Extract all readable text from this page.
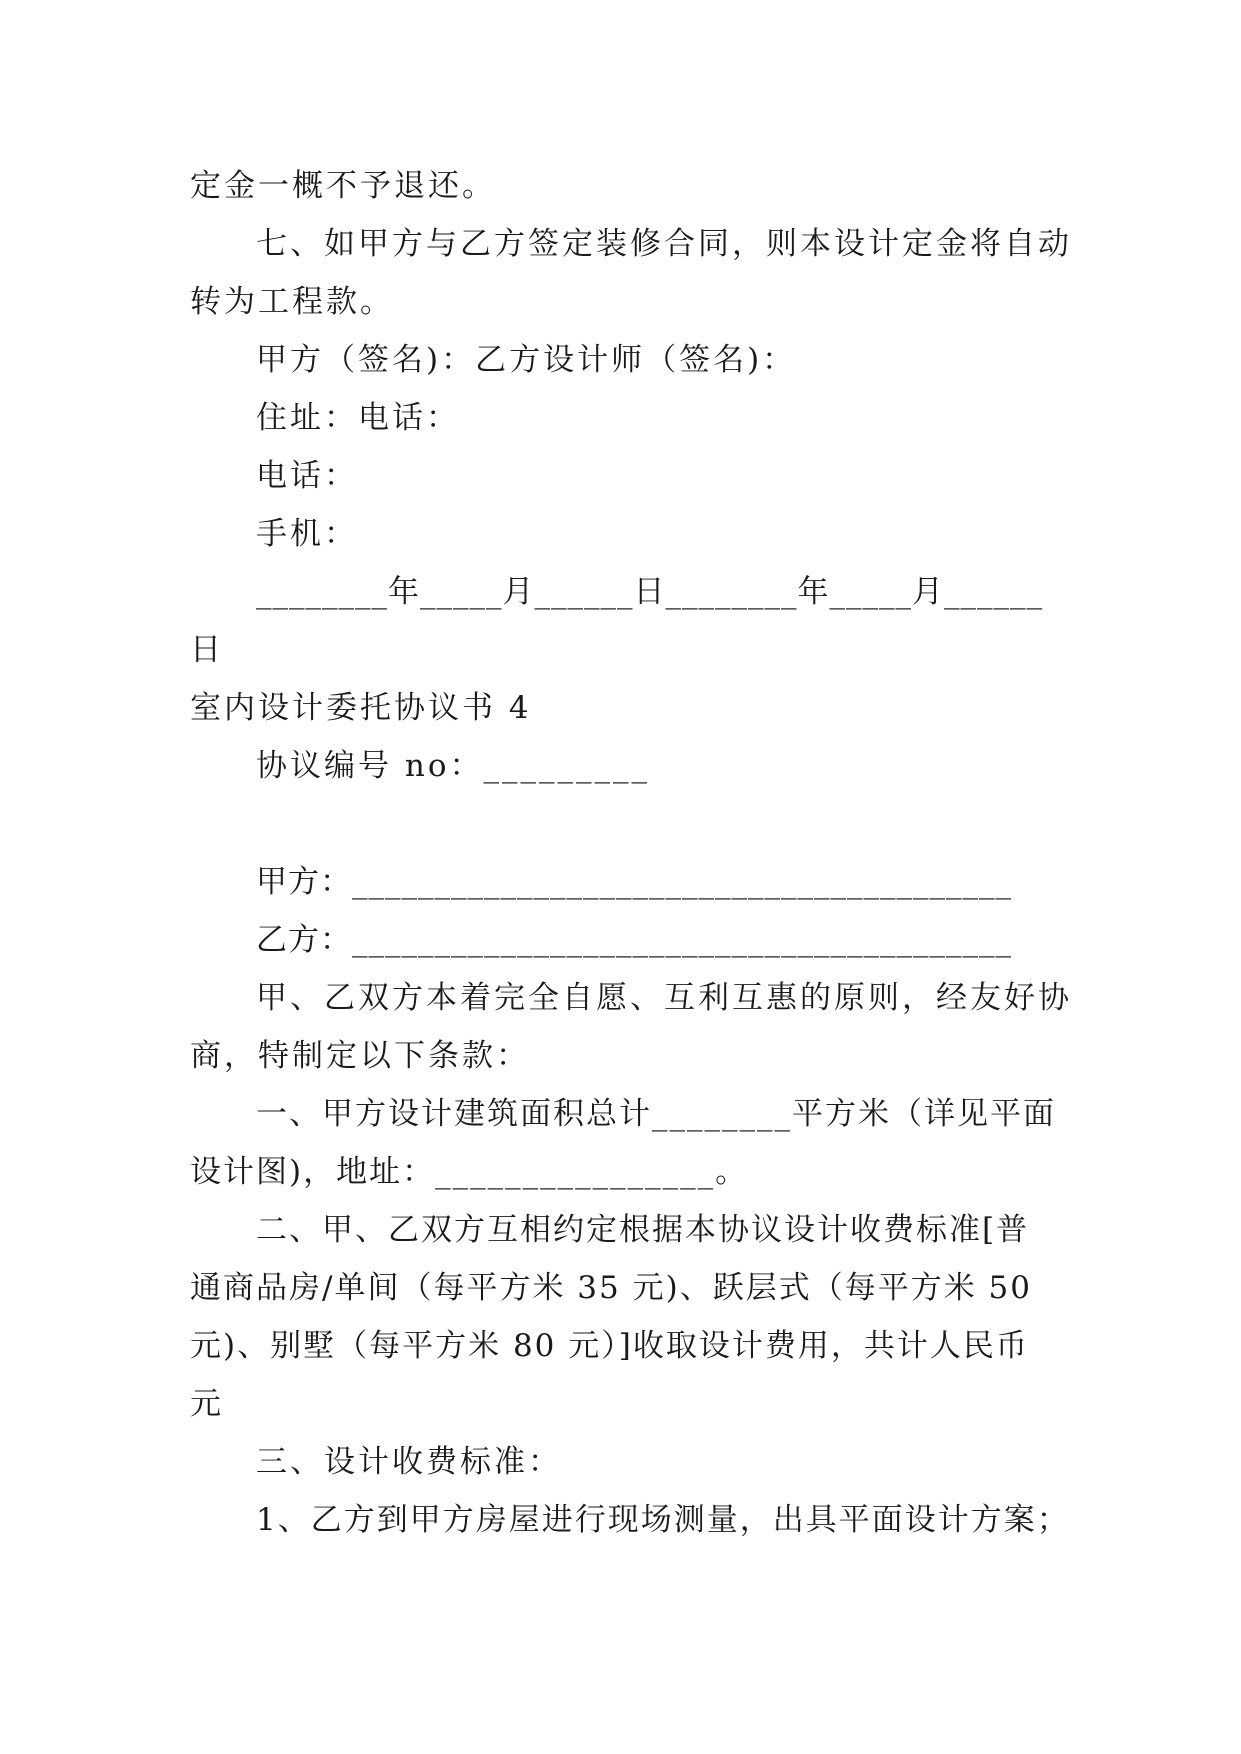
定金一概不予退还。
七、如甲方与乙方签定装修合同，则本设计定金将自动
转为工程款。
甲方（签名)：乙方设计师（签名)：
住址：电话：
电话：
手机：
________年_____月______日________年_____月______
日
室内设计委托协议书 4
协议编号 no：_________
甲方：________________________________________
乙方：________________________________________
甲、乙双方本着完全自愿、互利互惠的原则，经友好协
商，特制定以下条款：
一、甲方设计建筑面积总计________平方米（详见平面
设计图)，地址：________________。
二、甲、乙双方互相约定根据本协议设计收费标准[普
通商品房/单间（每平方米 35 元)、跃层式（每平方米 50
元)、别墅（每平方米 80 元）]收取设计费用，共计人民币
元
三、设计收费标准：
1、乙方到甲方房屋进行现场测量，出具平面设计方案；
